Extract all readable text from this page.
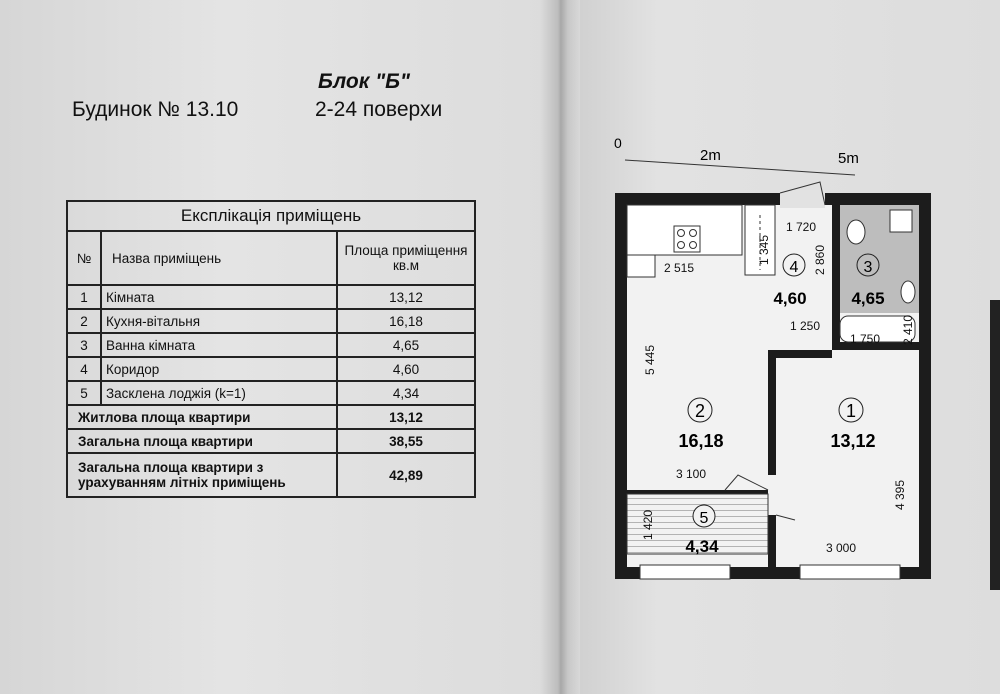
Блок "Б"
Будинок № 13.10	2-24 поверхи
Експлікація приміщень		
№	Назва приміщень	Площа приміщення кв.м
1	Кімната	13,12
2	Кухня-вітальня	16,18
3	Ванна кімната	4,65
4	Коридор	4,60
5	Засклена лоджія (k=1)	4,34
Житлова площа квартири		13,12
Загальна площа квартири		38,55
Загальна площа квартири з урахуванням літніх приміщень		42,89
0
2m	5m
4
4,60
3
4,65
2
16,18
1
13,12
5
4,34
1 720
1 345	2 860
2 515
1 250
1 750 2 410
5 445
3 100
1 420
4 395
3 000
